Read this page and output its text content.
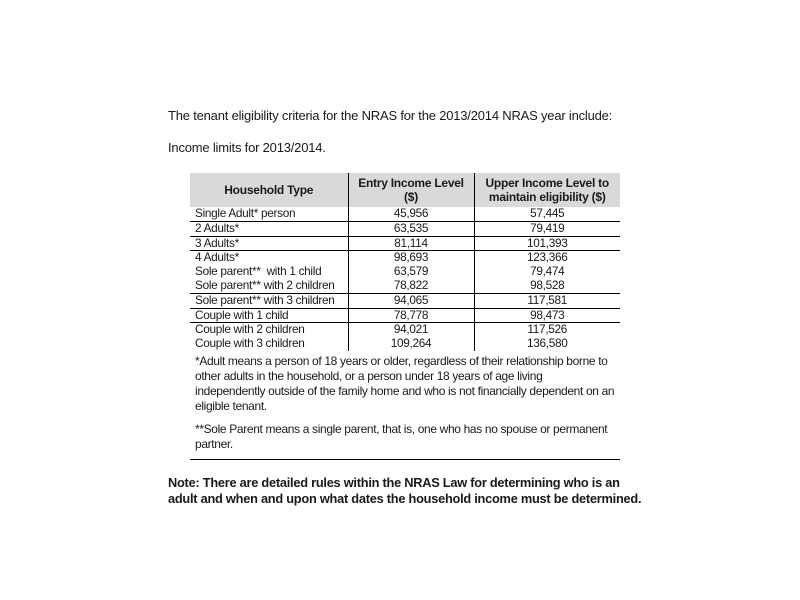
The tenant eligibility criteria for the NRAS for the 2013/2014 NRAS year include:

Income limits for 2013/2014.

Household Type	Entry Income Level ($)	Upper Income Level to maintain eligibility ($)
Single Adult* person	45,956	57,445
2 Adults*	63,535	79,419
3 Adults*	81,114	101,393
4 Adults*	98,693	123,366
Sole parent**  with 1 child	63,579	79,474
Sole parent** with 2 children	78,822	98,528
Sole parent** with 3 children	94,065	117,581
Couple with 1 child	78,778	98,473
Couple with 2 children	94,021	117,526
Couple with 3 children	109,264	136,580
*Adult means a person of 18 years or older, regardless of their relationship borne to other adults in the household, or a person under 18 years of age living independently outside of the family home and who is not financially dependent on an eligible tenant.		
**Sole Parent means a single parent, that is, one who has no spouse or permanent partner.		

Note: There are detailed rules within the NRAS Law for determining who is an adult and when and upon what dates the household income must be determined.
